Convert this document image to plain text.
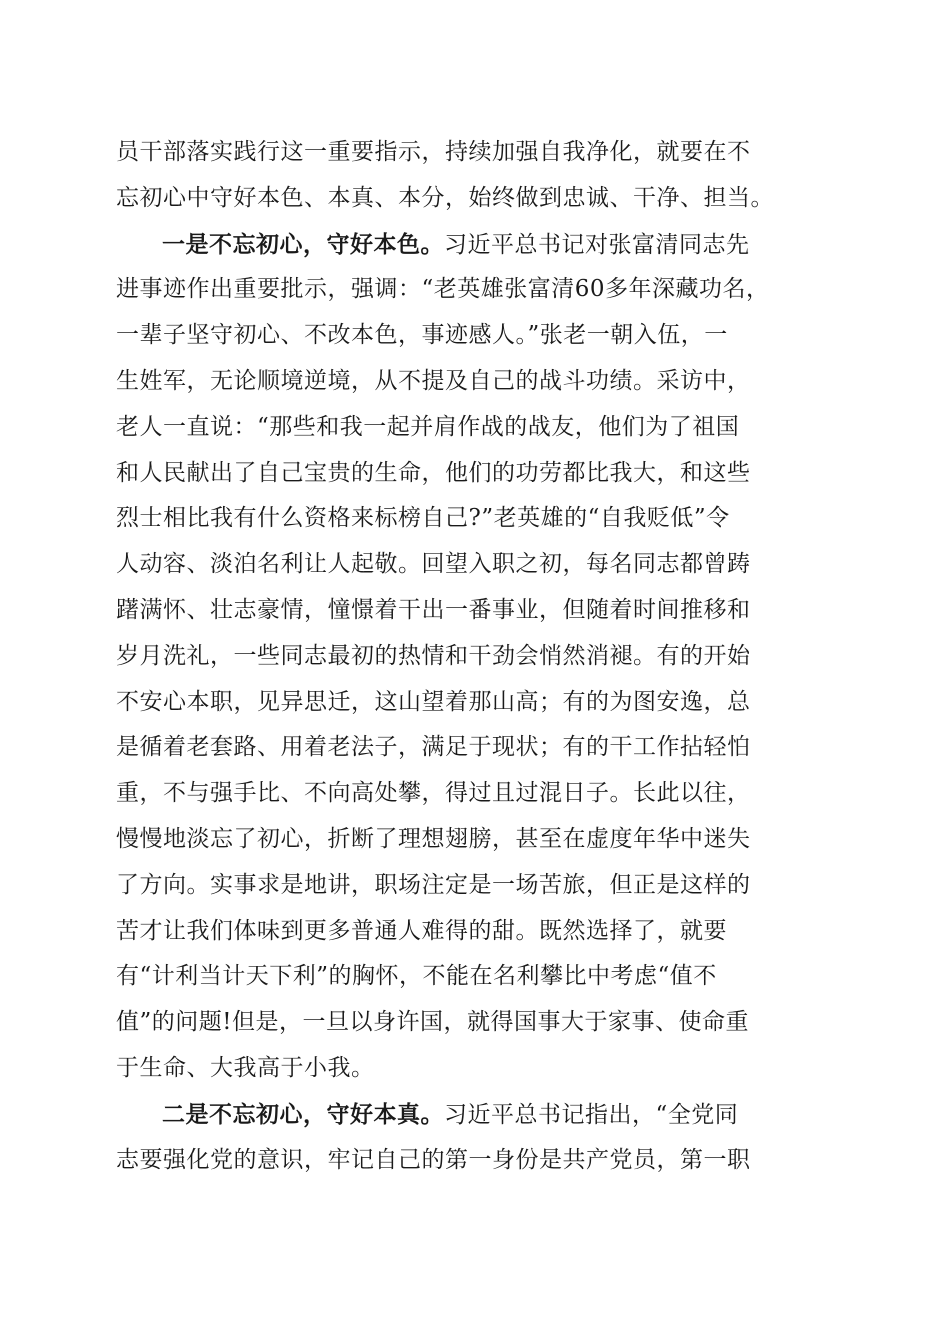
员干部落实践行这一重要指示，持续加强自我净化，就要在不
忘初心中守好本色、本真、本分，始终做到忠诚、干净、担当。
一是不忘初心，守好本色。习近平总书记对张富清同志先
进事迹作出重要批示，强调：“老英雄张富清60多年深藏功名，
一辈子坚守初心、不改本色，事迹感人。”张老一朝入伍，一
生姓军，无论顺境逆境，从不提及自己的战斗功绩。采访中，
老人一直说：“那些和我一起并肩作战的战友，他们为了祖国
和人民献出了自己宝贵的生命，他们的功劳都比我大，和这些
烈士相比我有什么资格来标榜自己?”老英雄的“自我贬低”令
人动容、淡泊名利让人起敬。回望入职之初，每名同志都曾踌
躇满怀、壮志豪情，憧憬着干出一番事业，但随着时间推移和
岁月洗礼，一些同志最初的热情和干劲会悄然消褪。有的开始
不安心本职，见异思迁，这山望着那山高；有的为图安逸，总
是循着老套路、用着老法子，满足于现状；有的干工作拈轻怕
重，不与强手比、不向高处攀，得过且过混日子。长此以往，
慢慢地淡忘了初心，折断了理想翅膀，甚至在虚度年华中迷失
了方向。实事求是地讲，职场注定是一场苦旅，但正是这样的
苦才让我们体味到更多普通人难得的甜。既然选择了，就要
有“计利当计天下利”的胸怀，不能在名利攀比中考虑“值不
值”的问题!但是，一旦以身许国，就得国事大于家事、使命重
于生命、大我高于小我。
二是不忘初心，守好本真。习近平总书记指出，“全党同
志要强化党的意识，牢记自己的第一身份是共产党员，第一职
